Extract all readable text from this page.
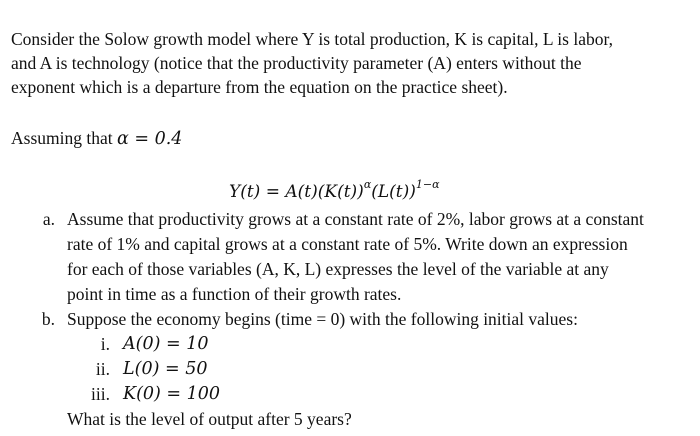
Consider the Solow growth model where Y is total production, K is capital, L is labor,
and A is technology (notice that the productivity parameter (A) enters without the
exponent which is a departure from the equation on the practice sheet).
Assuming that α = 0.4
$Y(t) = A(t)(K(t))^\alpha(L(t))^{1-\alpha}$
a. Assume that productivity grows at a constant rate of 2%, labor grows at a constant
rate of 1% and capital grows at a constant rate of 5%. Write down an expression
for each of those variables (A, K, L) expresses the level of the variable at any
point in time as a function of their growth rates.
b. Suppose the economy begins (time = 0) with the following initial values:
i. A(0) = 10
ii. L(0) = 50
iii. K(0) = 100
What is the level of output after 5 years?
